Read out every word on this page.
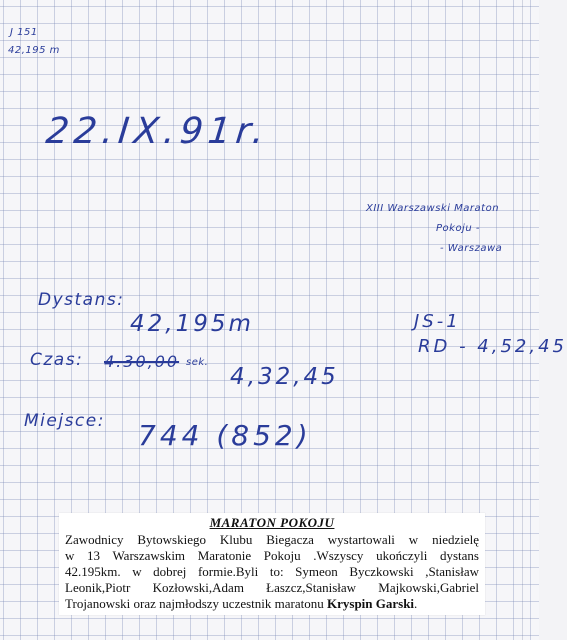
J 151
42,195 m
22.IX.91r.
XIII Warszawski Maraton
Pokoju -
- Warszawa
Dystans:
42,195m	JS-1
RD - 4,52,45
Czas: 4.30,00 sek.
4,32,45
Miejsce: 744 (852)
MARATON POKOJU
Zawodnicy Bytowskiego Klubu Biegacza wystartowali w niedzielę
w 13 Warszawskim Maratonie Pokoju .Wszyscy ukończyli dystans
42.195km. w dobrej formie.Byli to: Symeon Byczkowski ,Stanisław
Leonik,Piotr Kozłowski,Adam Łaszcz,Stanisław Majkowski,Gabriel
Trojanowski oraz najmłodszy uczestnik maratonu Kryspin Garski.
